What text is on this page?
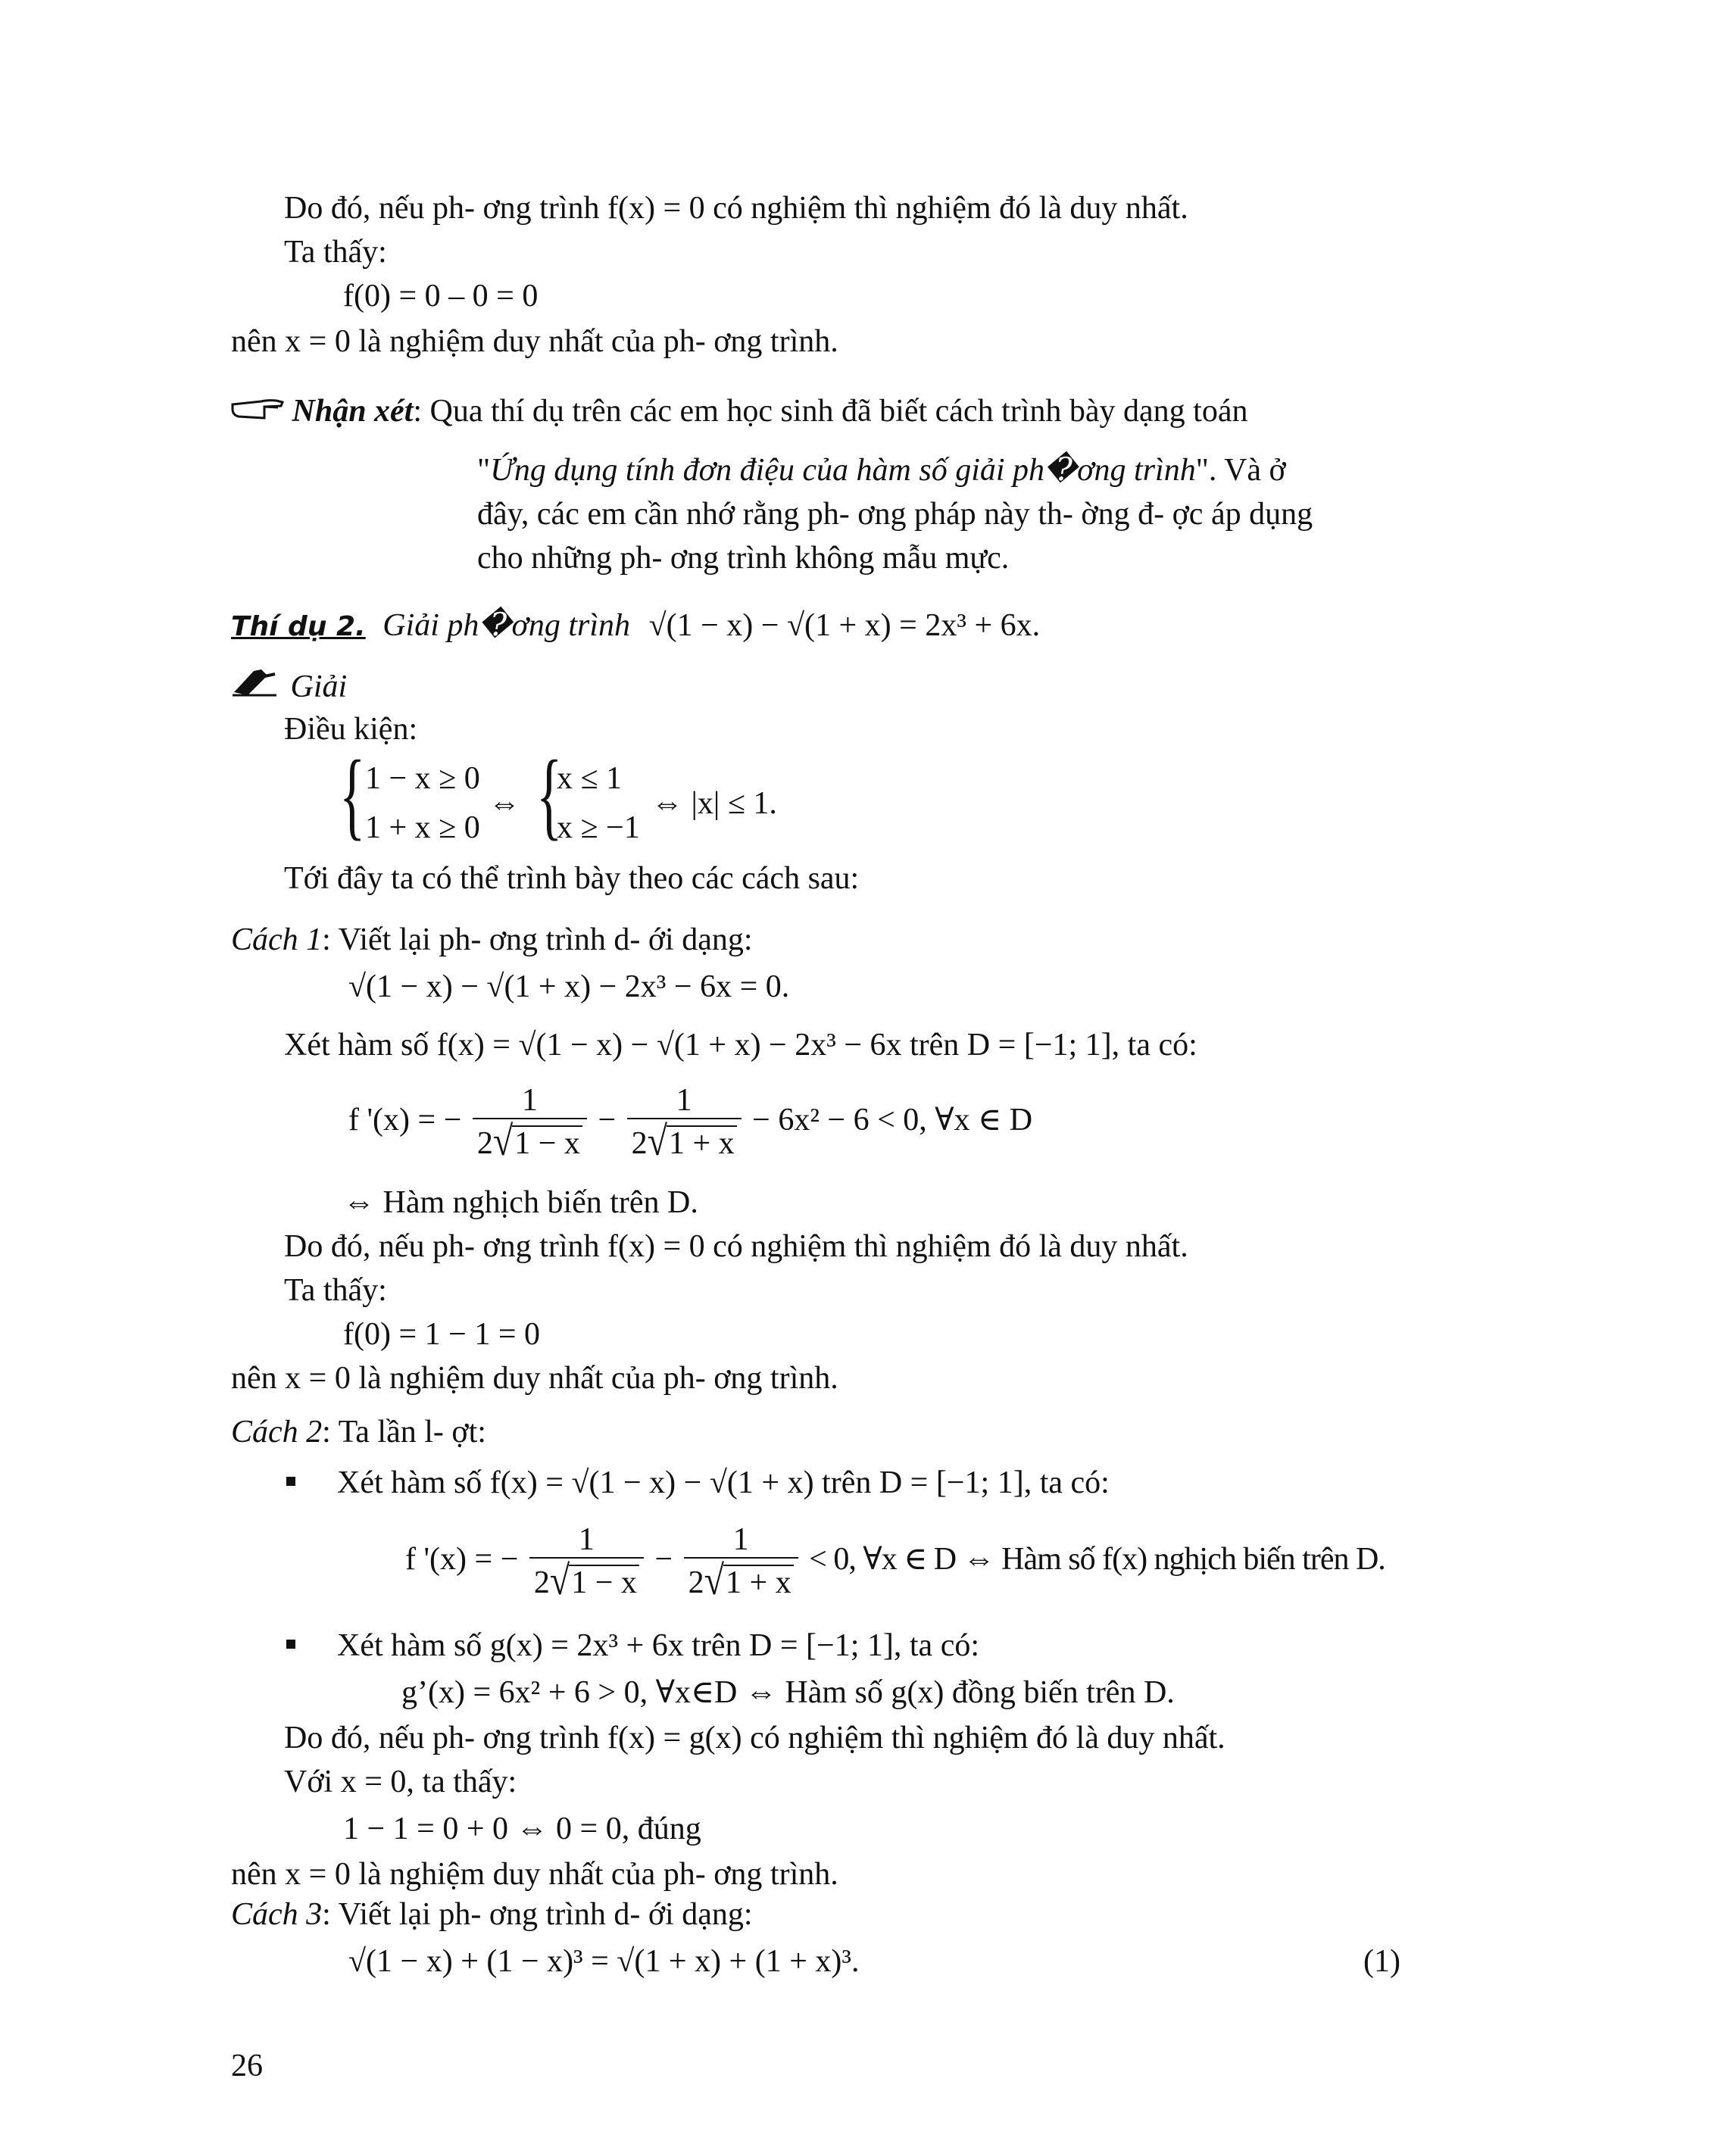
Do đó, nếu ph- ơng trình f(x) = 0 có nghiệm thì nghiệm đó là duy nhất.
Ta thấy:
f(0) = 0 – 0 = 0
nên x = 0 là nghiệm duy nhất của ph- ơng trình.
Nhận xét: Qua thí dụ trên các em học sinh đã biết cách trình bày dạng toán
"Ứng dụng tính đơn điệu của hàm số giải ph�ơng trình". Và ở
đây, các em cần nhớ rằng ph- ơng pháp này th- ờng đ- ợc áp dụng
cho những ph- ơng trình không mẫu mực.
Thí dụ 2. Giải ph�ơng trình √(1 − x) − √(1 + x) = 2x³ + 6x.
Giải
Điều kiện:
{ 1 − x ≥ 0
1 + x ≥ 0
⇔ {
x ≤ 1
x ≥ −1
⇔ |x| ≤ 1.
Tới đây ta có thể trình bày theo các cách sau:
Cách 1: Viết lại ph- ơng trình d- ới dạng:
√(1 − x) − √(1 + x) − 2x³ − 6x = 0.
Xét hàm số f(x) = √(1 − x) − √(1 + x) − 2x³ − 6x trên D = [−1; 1], ta có:
f '(x) = − $\frac{1}{2√1 - x} - \frac{1}{2√1 + x} - 6x^2 - 6 < 0$, ∀x ∈ D
⇔ Hàm nghịch biến trên D.
Do đó, nếu ph- ơng trình f(x) = 0 có nghiệm thì nghiệm đó là duy nhất.
Ta thấy:
f(0) = 1 − 1 = 0
nên x = 0 là nghiệm duy nhất của ph- ơng trình.
Cách 2: Ta lần l- ợt:
Xét hàm số f(x) = √(1 − x) − √(1 + x) trên D = [−1; 1], ta có:
f '(x) = − $\frac{1}{2√1 - x} - \frac{1}{2√1 + x} < 0$, ∀x ∈ D ⇔ Hàm số f(x) nghịch biến trên D.
Xét hàm số g(x) = 2x³ + 6x trên D = [−1; 1], ta có:
g’(x) = 6x² + 6 > 0, ∀x∈D ⇔ Hàm số g(x) đồng biến trên D.
Do đó, nếu ph- ơng trình f(x) = g(x) có nghiệm thì nghiệm đó là duy nhất.
Với x = 0, ta thấy:
1 − 1 = 0 + 0 ⇔ 0 = 0, đúng
nên x = 0 là nghiệm duy nhất của ph- ơng trình.
Cách 3: Viết lại ph- ơng trình d- ới dạng:
√(1 − x) + (1 − x)³ = √(1 + x) + (1 + x)³.	(1)
26
